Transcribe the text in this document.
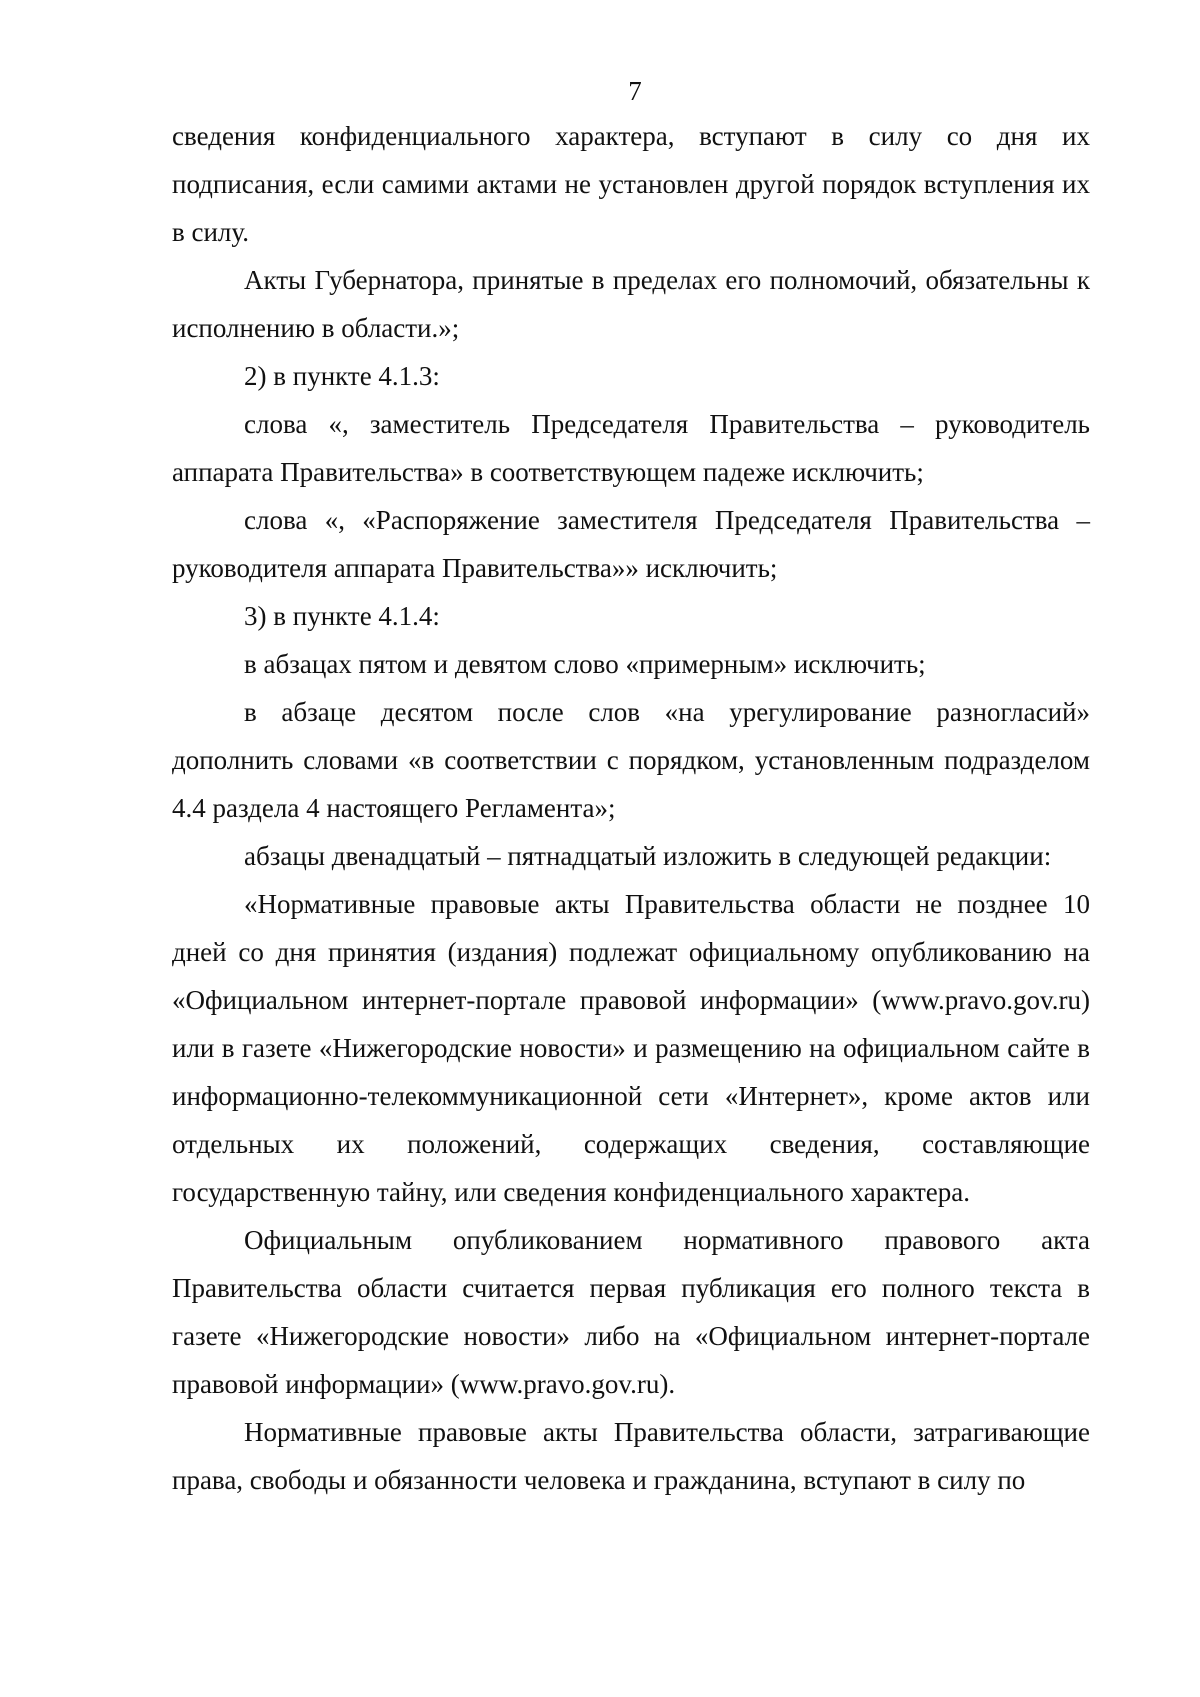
7

сведения конфиденциального характера, вступают в силу со дня их подписания, если самими актами не установлен другой порядок вступления их в силу.

Акты Губернатора, принятые в пределах его полномочий, обязательны к исполнению в области.»;

2) в пункте 4.1.3:

слова «, заместитель Председателя Правительства – руководитель аппарата Правительства» в соответствующем падеже исключить;

слова «, «Распоряжение заместителя Председателя Правительства – руководителя аппарата Правительства»» исключить;

3) в пункте 4.1.4:

в абзацах пятом и девятом слово «примерным» исключить;

в абзаце десятом после слов «на урегулирование разногласий» дополнить словами «в соответствии с порядком, установленным подразделом 4.4 раздела 4 настоящего Регламента»;

абзацы двенадцатый – пятнадцатый изложить в следующей редакции:

«Нормативные правовые акты Правительства области не позднее 10 дней со дня принятия (издания) подлежат официальному опубликованию на «Официальном интернет-портале правовой информации» (www.pravo.gov.ru) или в газете «Нижегородские новости» и размещению на официальном сайте в информационно-телекоммуникационной сети «Интернет», кроме актов или отдельных их положений, содержащих сведения, составляющие государственную тайну, или сведения конфиденциального характера.

Официальным опубликованием нормативного правового акта Правительства области считается первая публикация его полного текста в газете «Нижегородские новости» либо на «Официальном интернет-портале правовой информации» (www.pravo.gov.ru).

Нормативные правовые акты Правительства области, затрагивающие права, свободы и обязанности человека и гражданина, вступают в силу по
